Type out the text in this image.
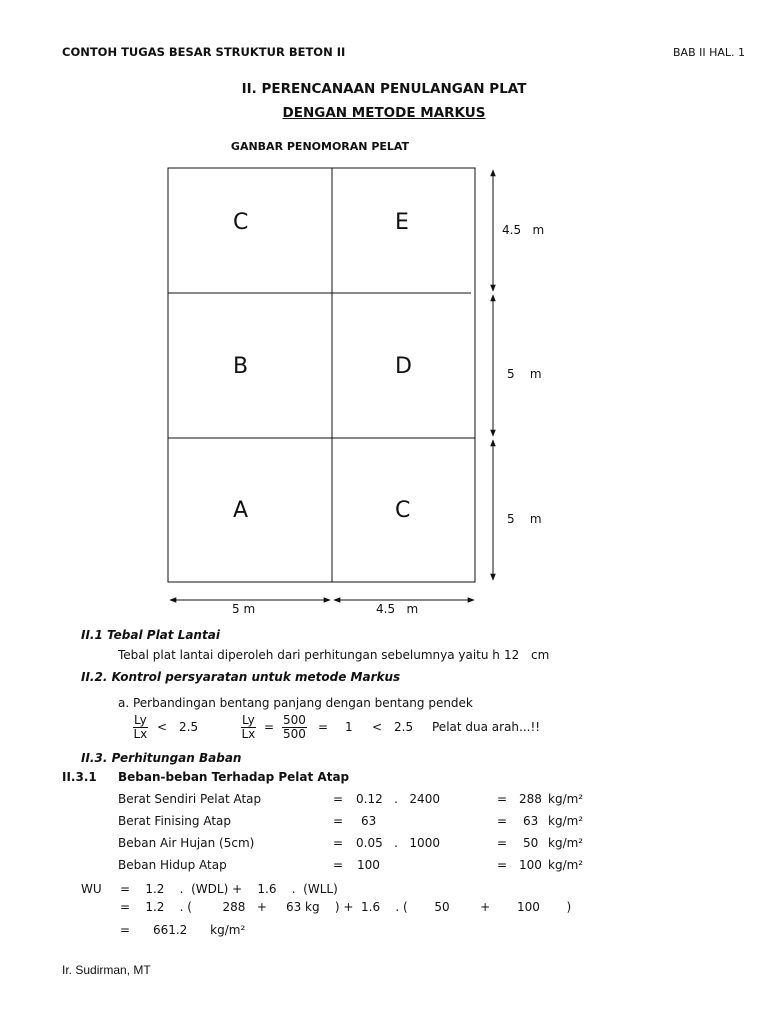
CONTOH TUGAS BESAR STRUKTUR BETON II	BAB II HAL. 1
II. PERENCANAAN PENULANGAN PLAT
DENGAN METODE MARKUS
GANBAR PENOMORAN PELAT
C	E
B	D
A	C
4.5   m
5    m
5    m
5 m	4.5   m
II.1 Tebal Plat Lantai
Tebal plat lantai diperoleh dari perhitungan sebelumnya yaitu h 12 cm
II.2. Kontrol persyaratan untuk metode Markus
a. Perbandingan bentang panjang dengan bentang pendek
$\frac{Ly}{Lx} < 2.5$	$\frac{Ly}{Lx} = \frac{500}{500} = 1 < 2.5$ Pelat dua arah...!!
II.3. Perhitungan Baban
II.3.1 Beban-beban Terhadap Pelat Atap
Berat Sendiri Pelat Atap	= 0.12   .   2400	= 288 kg/m²
Berat Finising Atap	= 63	= 63 kg/m²
Beban Air Hujan (5cm)	= 0.05   .   1000	= 50 kg/m²
Beban Hidup Atap	= 100	= 100 kg/m²
WU =    1.2    .  (WDL) +    1.6    .  (WLL)
=    1.2    . (        288   +     63 kg    ) +  1.6    . (       50        +       100       )
=      661.2      kg/m²
Ir. Sudirman, MT
